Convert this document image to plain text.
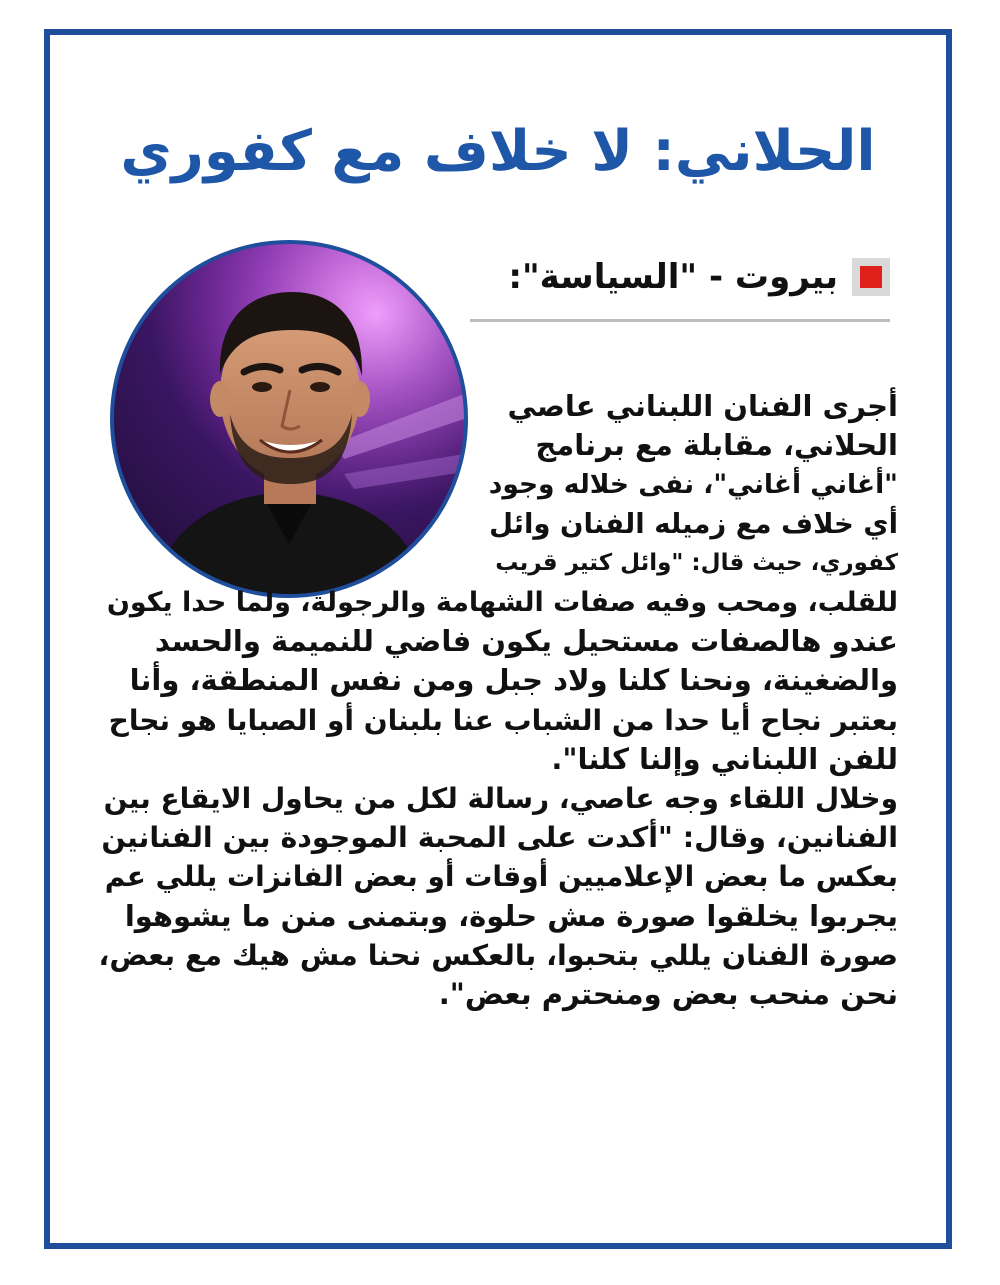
الحلاني: لا خلاف مع كفوري
بيروت - "السياسة":
أجرى الفنان اللبناني عاصي
الحلاني، مقابلة مع برنامج
"أغاني أغاني"، نفى خلاله وجود
أي خلاف مع زميله الفنان وائل
كفوري، حيث قال: "وائل كتير قريب
للقلب، ومحب وفيه صفات الشهامة والرجولة، ولما حدا يكون
عندو هالصفات مستحيل يكون فاضي للنميمة والحسد
والضغينة، ونحنا كلنا ولاد جبل ومن نفس المنطقة، وأنا
بعتبر نجاح أيا حدا من الشباب عنا بلبنان أو الصبايا هو نجاح
للفن اللبناني وإلنا كلنا".
وخلال اللقاء وجه عاصي، رسالة لكل من يحاول الايقاع بين
الفنانين، وقال: "أكدت على المحبة الموجودة بين الفنانين
بعكس ما بعض الإعلاميين أوقات أو بعض الفانزات يللي عم
يجربوا يخلقوا صورة مش حلوة، وبتمنى منن ما يشوهوا
صورة الفنان يللي بتحبوا، بالعكس نحنا مش هيك مع بعض،
نحن منحب بعض ومنحترم بعض".
